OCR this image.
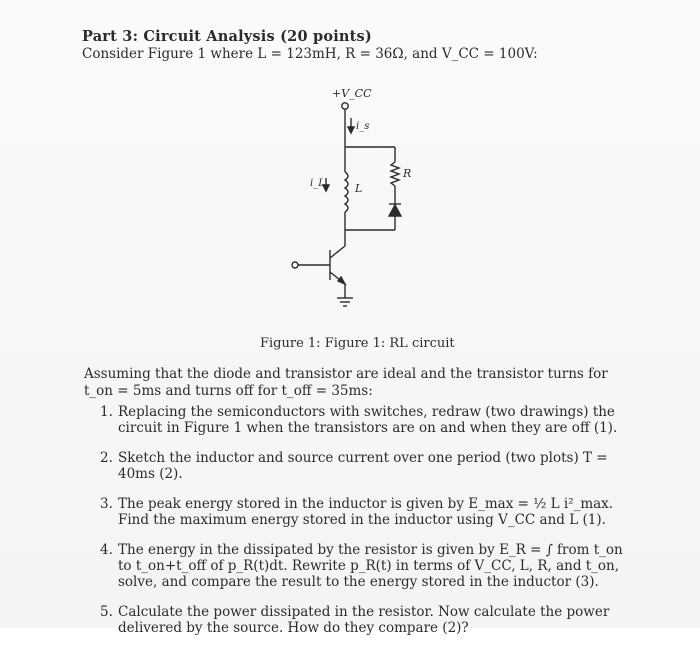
Part 3: Circuit Analysis (20 points)
Consider Figure 1 where L = 123mH, R = 36Ω, and V_CC = 100V:
+V_CC
i_s
i_L	L
R
Figure 1: Figure 1: RL circuit
Assuming that the diode and transistor are ideal and the transistor turns for t_on = 5ms and turns off for t_off = 35ms:
1. Replacing the semiconductors with switches, redraw (two drawings) the circuit in Figure 1 when the transistors are on and when they are off (1).
2. Sketch the inductor and source current over one period (two plots) T = 40ms (2).
3. The peak energy stored in the inductor is given by E_max = ½ L i²_max. Find the maximum energy stored in the inductor using V_CC and L (1).
4. The energy in the dissipated by the resistor is given by E_R = ∫ from t_on to t_on+t_off of p_R(t)dt. Rewrite p_R(t) in terms of V_CC, L, R, and t_on, solve, and compare the result to the energy stored in the inductor (3).
5. Calculate the power dissipated in the resistor. Now calculate the power delivered by the source. How do they compare (2)?
